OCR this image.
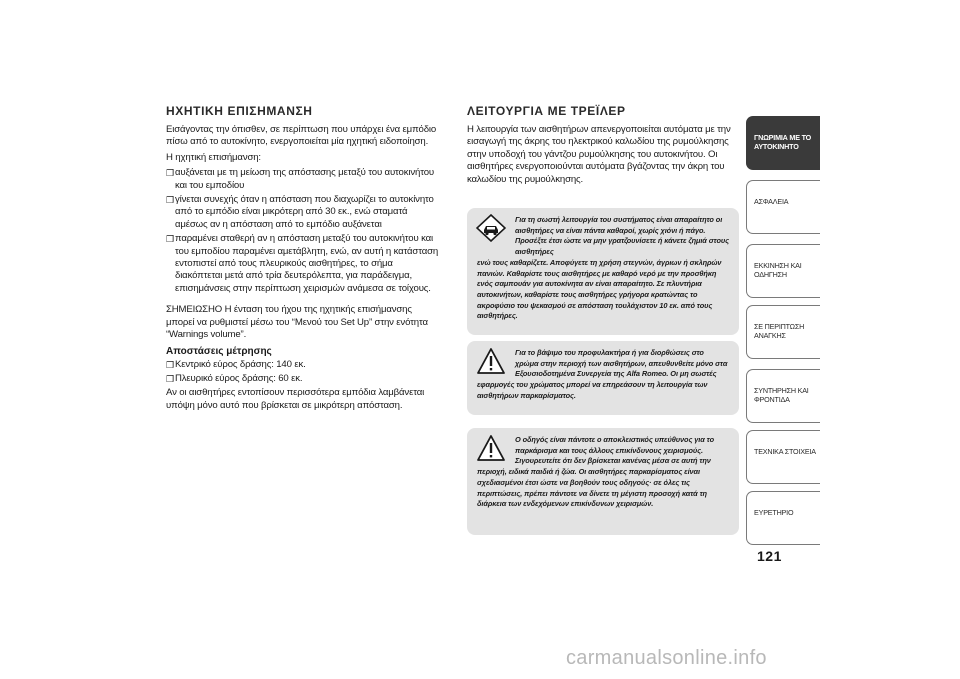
ΗΧΗΤΙΚΗ ΕΠΙΣΗΜΑΝΣΗ
Εισάγοντας την όπισθεν, σε περίπτωση που υπάρχει ένα εμπόδιο πίσω από το αυτοκίνητο, ενεργοποιείται μία ηχητική ειδοποίηση.
Η ηχητική επισήμανση:
❒ αυξάνεται με τη μείωση της απόστασης μεταξύ του αυτοκινήτου και του εμποδίου
❒ γίνεται συνεχής όταν η απόσταση που διαχωρίζει το αυτοκίνητο από το εμπόδιο είναι μικρότερη από 30 εκ., ενώ σταματά αμέσως αν η απόσταση από το εμπόδιο αυξάνεται
❒ παραμένει σταθερή αν η απόσταση μεταξύ του αυτοκινήτου και του εμποδίου παραμένει αμετάβλητη, ενώ, αν αυτή η κατάσταση εντοπιστεί από τους πλευρικούς αισθητήρες, το σήμα διακόπτεται μετά από τρία δευτερόλεπτα, για παράδειγμα, επισημάνσεις στην περίπτωση χειρισμών ανάμεσα σε τοίχους.
ΣΗΜΕΙΩΣΗΟ Η ένταση του ήχου της ηχητικής επισήμανσης μπορεί να ρυθμιστεί μέσω του “Μενού του Set Up” στην ενότητα “Warnings volume”.
Αποστάσεις μέτρησης
❒ Κεντρικό εύρος δράσης: 140 εκ.
❒ Πλευρικό εύρος δράσης: 60 εκ.
Αν οι αισθητήρες εντοπίσουν περισσότερα εμπόδια λαμβάνεται υπόψη μόνο αυτό που βρίσκεται σε μικρότερη απόσταση.
ΛΕΙΤΟΥΡΓΙΑ ΜΕ ΤΡΕΪΛΕΡ
Η λειτουργία των αισθητήρων απενεργοποιείται αυτόματα με την εισαγωγή της άκρης του ηλεκτρικού καλωδίου της ρυμούλκησης στην υποδοχή του γάντζου ρυμούλκησης του αυτοκινήτου. Οι αισθητήρες ενεργοποιούνται αυτόματα βγάζοντας την άκρη του καλωδίου της ρυμούλκησης.
Για τη σωστή λειτουργία του συστήματος είναι απαραίτητο οι αισθητήρες να είναι πάντα καθαροί, χωρίς χιόνι ή πάγο. Προσέξτε έτσι ώστε να μην γρατζουνίσετε ή κάνετε ζημιά στους αισθητήρες
ενώ τους καθαρίζετε. Αποφύγετε τη χρήση στεγνών, άγριων ή σκληρών πανιών. Καθαρίστε τους αισθητήρες με καθαρό νερό με την προσθήκη ενός σαμπουάν για αυτοκίνητα αν είναι απαραίτητο. Σε πλυντήρια αυτοκινήτων, καθαρίστε τους αισθητήρες γρήγορα κρατώντας το ακροφύσιο του ψεκασμού σε απόσταση τουλάχιστον 10 εκ. από τους αισθητήρες.
Για το βάψιμο του προφυλακτήρα ή για διορθώσεις στο χρώμα στην περιοχή των αισθητήρων, απευθυνθείτε μόνο στα Εξουσιοδοτημένα Συνεργεία της Alfa Romeo. Οι μη σωστές
εφαρμογές του χρώματος μπορεί να επηρεάσουν τη λειτουργία των αισθητήρων παρκαρίσματος.
Ο οδηγός είναι πάντοτε ο αποκλειστικός υπεύθυνος για το παρκάρισμα και τους άλλους επικίνδυνους χειρισμούς. Σιγουρευτείτε ότι δεν βρίσκεται κανένας μέσα σε αυτή την
περιοχή, ειδικά παιδιά ή ζώα. Οι αισθητήρες παρκαρίσματος είναι σχεδιασμένοι έτσι ώστε να βοηθούν τους οδηγούς· σε όλες τις περιπτώσεις, πρέπει πάντοτε να δίνετε τη μέγιστη προσοχή κατά τη διάρκεια των ενδεχόμενων επικίνδυνων χειρισμών.
ΓΝΩΡΙΜΙΑ ΜΕ ΤΟ ΑΥΤΟΚΙΝΗΤΟ
ΑΣΦΑΛΕΙΑ
ΕΚΚΙΝΗΣΗ ΚΑΙ ΟΔΗΓΗΣΗ
ΣΕ ΠΕΡΙΠΤΩΣΗ ΑΝΑΓΚΗΣ
ΣΥΝΤΗΡΗΣΗ ΚΑΙ ΦΡΟΝΤΙΔΑ
ΤΕΧΝΙΚΑ ΣΤΟΙΧΕΙΑ
ΕΥΡΕΤΗΡΙΟ
121
carmanualsonline.info
